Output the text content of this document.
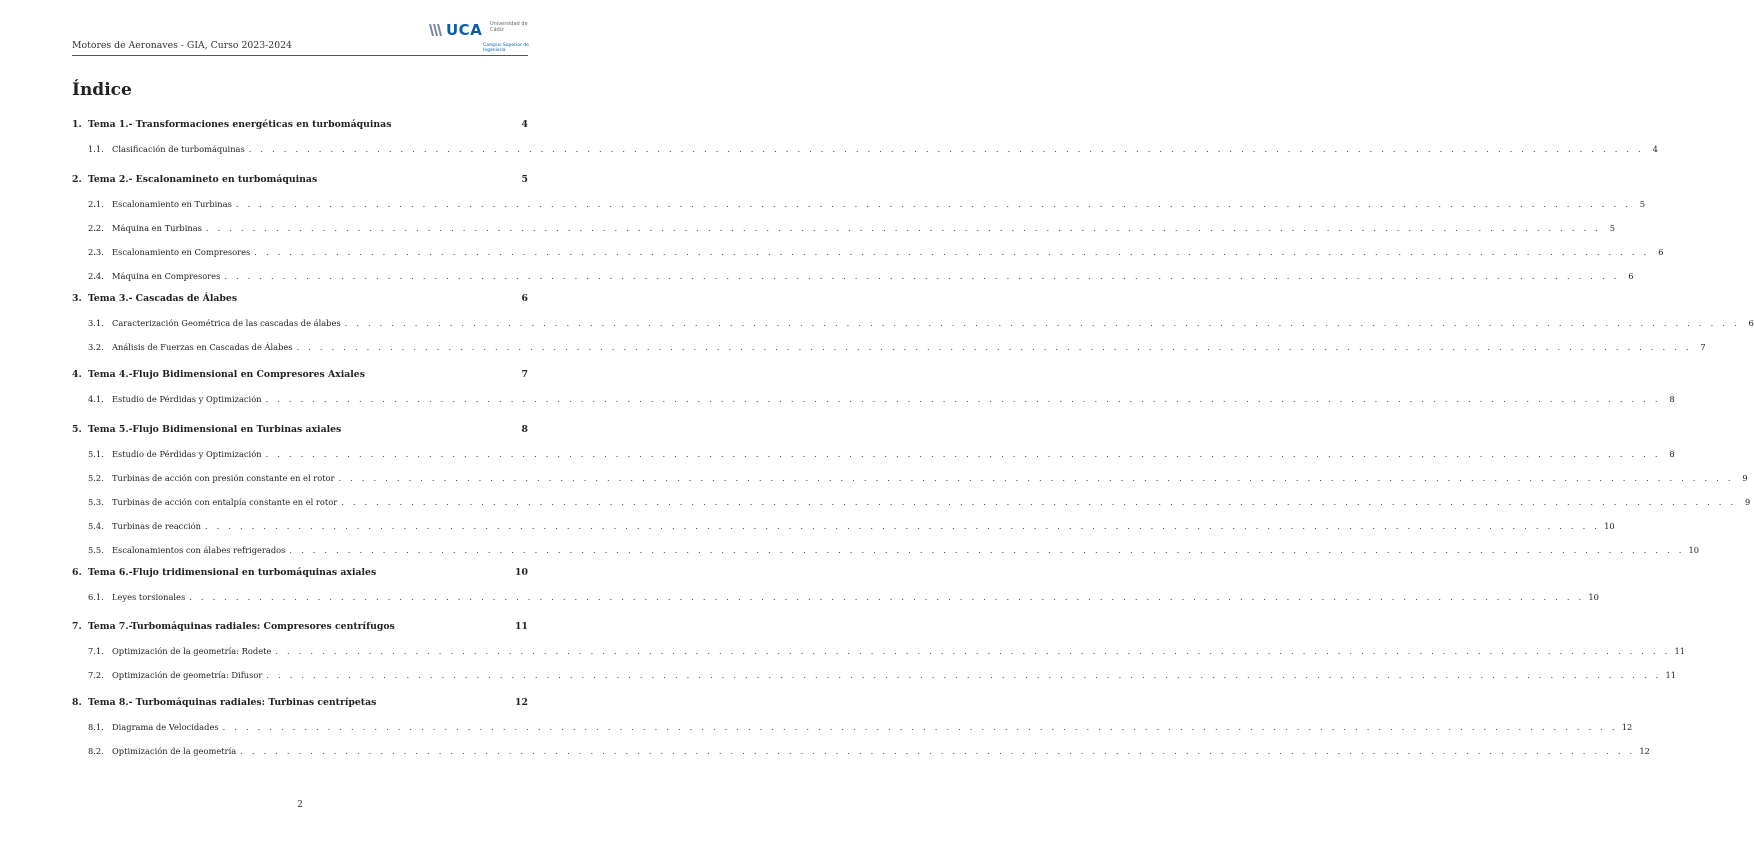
Motores de Aeronaves - GIA, Curso 2023-2024
UCA Universidad de Cádiz
Campus Superior de Ingeniería
Índice
1. Tema 1.- Transformaciones energéticas en turbomáquinas	4
1.1. Clasificación de turbomáquinas . . . . . . . . . . . . . . . . . . . . . . . . . . . . . . . . . . . . . . . . . . . . . . . . . . . . . . . . . . . . . . . . . . . . . . . . . . . . . . . . . . . . . . . . . . . . . . . . . . . . . . . . . . . . . . . . . . . . . . . .	4
2. Tema 2.- Escalonamineto en turbomáquinas	5
2.1. Escalonamiento en Turbinas . . . . . . . . . . . . . . . . . . . . . . . . . . . . . . . . . . . . . . . . . . . . . . . . . . . . . . . . . . . . . . . . . . . . . . . . . . . . . . . . . . . . . . . . . . . . . . . . . . . . . . . . . . . . . . . . . . . . . . . .	5
2.2. Máquina en Turbinas . . . . . . . . . . . . . . . . . . . . . . . . . . . . . . . . . . . . . . . . . . . . . . . . . . . . . . . . . . . . . . . . . . . . . . . . . . . . . . . . . . . . . . . . . . . . . . . . . . . . . . . . . . . . . . . . . . . . . . . .	5
2.3. Escalonamiento en Compresores . . . . . . . . . . . . . . . . . . . . . . . . . . . . . . . . . . . . . . . . . . . . . . . . . . . . . . . . . . . . . . . . . . . . . . . . . . . . . . . . . . . . . . . . . . . . . . . . . . . . . . . . . . . . . . . . . . . . . . . .	6
2.4. Máquina en Compresores . . . . . . . . . . . . . . . . . . . . . . . . . . . . . . . . . . . . . . . . . . . . . . . . . . . . . . . . . . . . . . . . . . . . . . . . . . . . . . . . . . . . . . . . . . . . . . . . . . . . . . . . . . . . . . . . . . . . . . . .	6
3. Tema 3.- Cascadas de Álabes	6
3.1. Caracterización Geométrica de las cascadas de álabes . . . . . . . . . . . . . . . . . . . . . . . . . . . . . . . . . . . . . . . . . . . . . . . . . . . . . . . . . . . . . . . . . . . . . . . . . . . . . . . . . . . . . . . . . . . . . . . . . . . . . . . . . . . . . . . . . . . . . . . .	6
3.2. Análisis de Fuerzas en Cascadas de Álabes . . . . . . . . . . . . . . . . . . . . . . . . . . . . . . . . . . . . . . . . . . . . . . . . . . . . . . . . . . . . . . . . . . . . . . . . . . . . . . . . . . . . . . . . . . . . . . . . . . . . . . . . . . . . . . . . . . . . . . . .	7
4. Tema 4.-Flujo Bidimensional en Compresores Axiales	7
4.1. Estudio de Pérdidas y Optimización . . . . . . . . . . . . . . . . . . . . . . . . . . . . . . . . . . . . . . . . . . . . . . . . . . . . . . . . . . . . . . . . . . . . . . . . . . . . . . . . . . . . . . . . . . . . . . . . . . . . . . . . . . . . . . . . . . . . . . . .	8
5. Tema 5.-Flujo Bidimensional en Turbinas axiales	8
5.1. Estudio de Pérdidas y Optimización . . . . . . . . . . . . . . . . . . . . . . . . . . . . . . . . . . . . . . . . . . . . . . . . . . . . . . . . . . . . . . . . . . . . . . . . . . . . . . . . . . . . . . . . . . . . . . . . . . . . . . . . . . . . . . . . . . . . . . . .	8
5.2. Turbinas de acción con presión constante en el rotor . . . . . . . . . . . . . . . . . . . . . . . . . . . . . . . . . . . . . . . . . . . . . . . . . . . . . . . . . . . . . . . . . . . . . . . . . . . . . . . . . . . . . . . . . . . . . . . . . . . . . . . . . . . . . . . . . . . . . . . .	9
5.3. Turbinas de acción con entalpía constante en el rotor . . . . . . . . . . . . . . . . . . . . . . . . . . . . . . . . . . . . . . . . . . . . . . . . . . . . . . . . . . . . . . . . . . . . . . . . . . . . . . . . . . . . . . . . . . . . . . . . . . . . . . . . . . . . . . . . . . . . . . . .	9
5.4. Turbinas de reacción . . . . . . . . . . . . . . . . . . . . . . . . . . . . . . . . . . . . . . . . . . . . . . . . . . . . . . . . . . . . . . . . . . . . . . . . . . . . . . . . . . . . . . . . . . . . . . . . . . . . . . . . . . . . . . . . . . . . . . . . 10
5.5. Escalonamientos con álabes refrigerados . . . . . . . . . . . . . . . . . . . . . . . . . . . . . . . . . . . . . . . . . . . . . . . . . . . . . . . . . . . . . . . . . . . . . . . . . . . . . . . . . . . . . . . . . . . . . . . . . . . . . . . . . . . . . . . . . . . . . . . . 10
6. Tema 6.-Flujo tridimensional en turbomáquinas axiales	10
6.1. Leyes torsionales . . . . . . . . . . . . . . . . . . . . . . . . . . . . . . . . . . . . . . . . . . . . . . . . . . . . . . . . . . . . . . . . . . . . . . . . . . . . . . . . . . . . . . . . . . . . . . . . . . . . . . . . . . . . . . . . . . . . . . . . 10
7. Tema 7.-Turbomáquinas radiales: Compresores centrífugos	11
7.1. Optimización de la geometría: Rodete . . . . . . . . . . . . . . . . . . . . . . . . . . . . . . . . . . . . . . . . . . . . . . . . . . . . . . . . . . . . . . . . . . . . . . . . . . . . . . . . . . . . . . . . . . . . . . . . . . . . . . . . . . . . . . . . . . . . . . . . 11
7.2. Optimización de geometría: Difusor . . . . . . . . . . . . . . . . . . . . . . . . . . . . . . . . . . . . . . . . . . . . . . . . . . . . . . . . . . . . . . . . . . . . . . . . . . . . . . . . . . . . . . . . . . . . . . . . . . . . . . . . . . . . . . . . . . . . . . . . 11
8. Tema 8.- Turbomáquinas radiales: Turbinas centrípetas	12
8.1. Diagrama de Velocidades . . . . . . . . . . . . . . . . . . . . . . . . . . . . . . . . . . . . . . . . . . . . . . . . . . . . . . . . . . . . . . . . . . . . . . . . . . . . . . . . . . . . . . . . . . . . . . . . . . . . . . . . . . . . . . . . . . . . . . . . 12
8.2. Optimización de la geometría . . . . . . . . . . . . . . . . . . . . . . . . . . . . . . . . . . . . . . . . . . . . . . . . . . . . . . . . . . . . . . . . . . . . . . . . . . . . . . . . . . . . . . . . . . . . . . . . . . . . . . . . . . . . . . . . . . . . . . . . 12
2
